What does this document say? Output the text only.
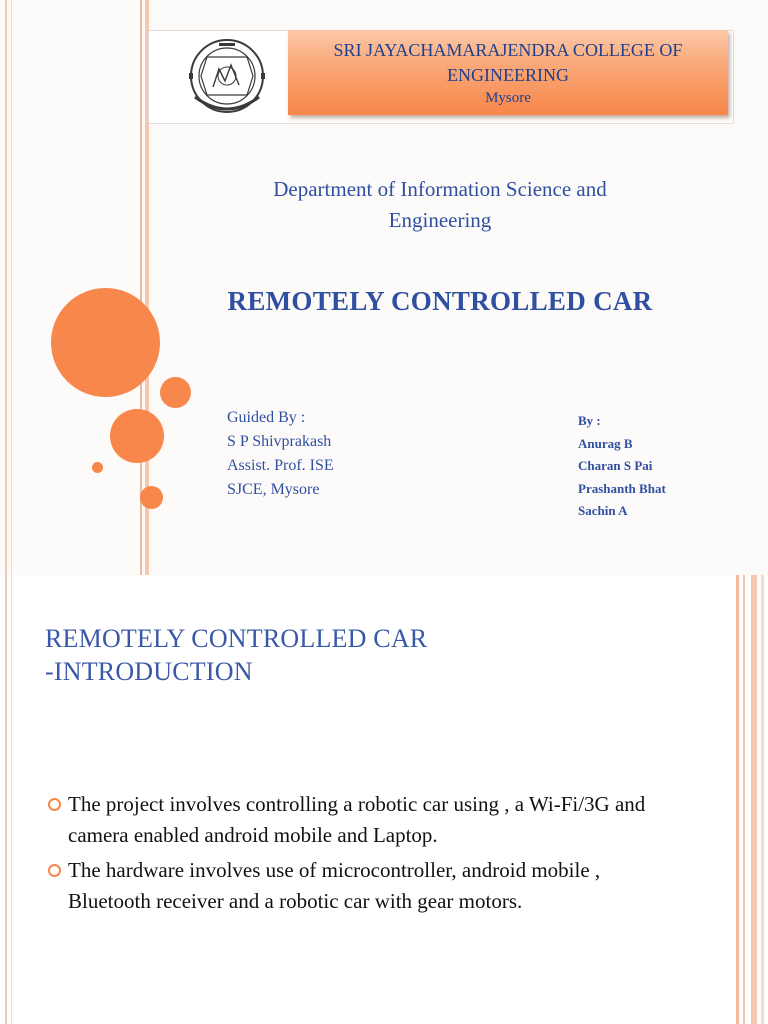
SRI JAYACHAMARAJENDRA COLLEGE OF ENGINEERING
Mysore
Department of Information Science and Engineering
REMOTELY CONTROLLED CAR
Guided By :
S P Shivprakash
Assist. Prof. ISE
SJCE, Mysore
By :
Anurag B
Charan S Pai
Prashanth Bhat
Sachin A
REMOTELY CONTROLLED CAR
-INTRODUCTION
The project involves controlling a robotic car using , a Wi-Fi/3G and camera enabled android mobile and Laptop.
The hardware involves use of microcontroller, android mobile , Bluetooth receiver and a robotic car with gear motors.
